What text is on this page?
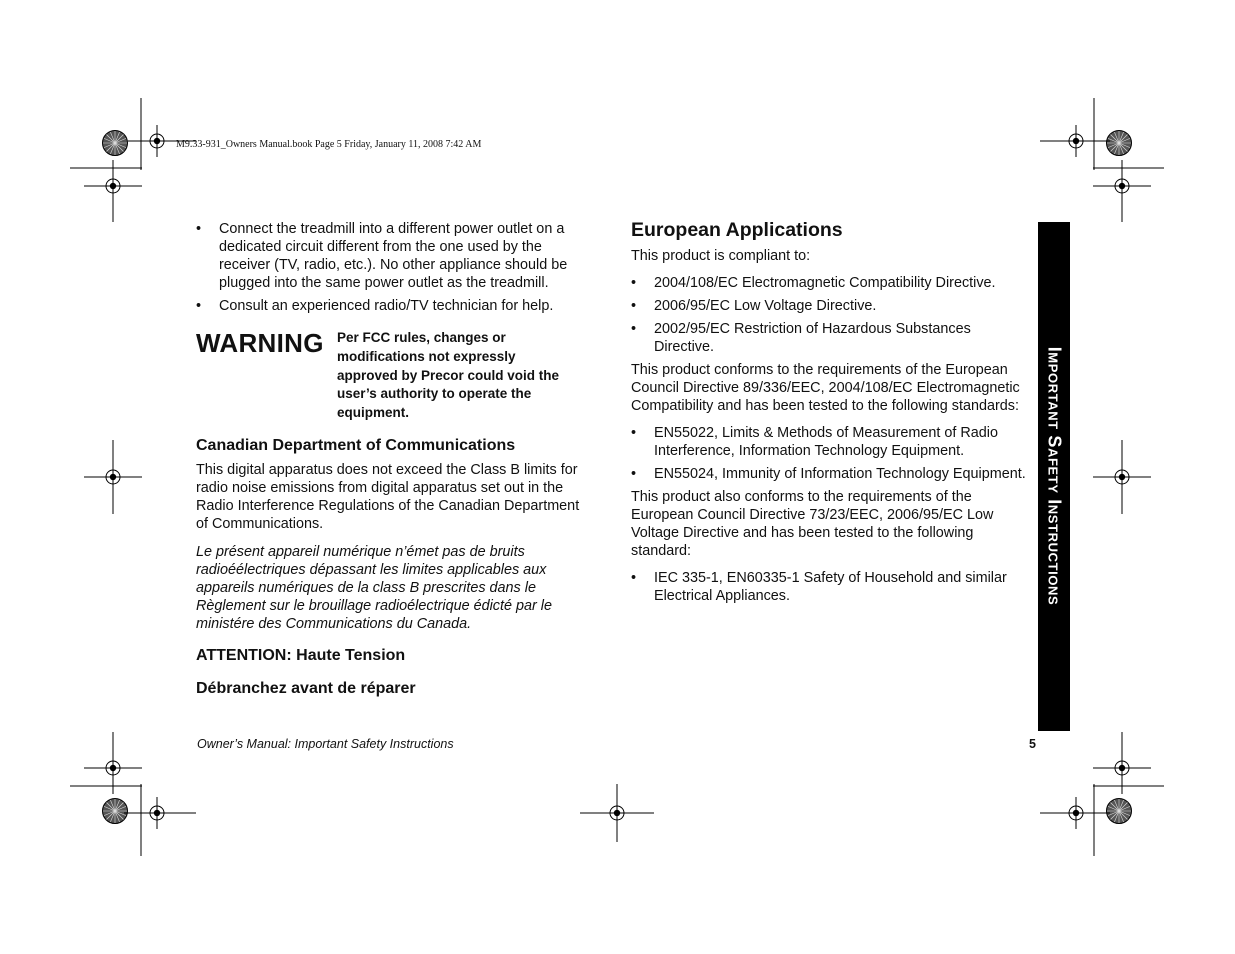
M9.33-931_Owners Manual.book Page 5 Friday, January 11, 2008 7:42 AM
• Connect the treadmill into a different power outlet on a dedicated circuit different from the one used by the receiver (TV, radio, etc.). No other appliance should be plugged into the same power outlet as the treadmill.
• Consult an experienced radio/TV technician for help.
WARNING Per FCC rules, changes or modifications not expressly approved by Precor could void the user’s authority to operate the equipment.
Canadian Department of Communications

This digital apparatus does not exceed the Class B limits for radio noise emissions from digital apparatus set out in the Radio Interference Regulations of the Canadian Department of Communications.

Le présent appareil numérique n’émet pas de bruits radioéélectriques dépassant les limites applicables aux appareils numériques de la class B prescrites dans le Règlement sur le brouillage radioélectrique édicté par le ministére des Communications du Canada.

ATTENTION: Haute Tension
Débranchez avant de réparer
European Applications

This product is compliant to:

• 2004/108/EC Electromagnetic Compatibility Directive.
• 2006/95/EC Low Voltage Directive.
• 2002/95/EC Restriction of Hazardous Substances Directive.

This product conforms to the requirements of the European Council Directive 89/336/EEC, 2004/108/EC Electromagnetic Compatibility and has been tested to the following standards:

• EN55022, Limits & Methods of Measurement of Radio Interference, Information Technology Equipment.
• EN55024, Immunity of Information Technology Equipment.

This product also conforms to the requirements of the European Council Directive 73/23/EEC, 2006/95/EC Low Voltage Directive and has been tested to the following standard:

• IEC 335-1, EN60335-1 Safety of Household and similar Electrical Appliances.	Important Safety Instructions
Owner’s Manual: Important Safety Instructions	5
